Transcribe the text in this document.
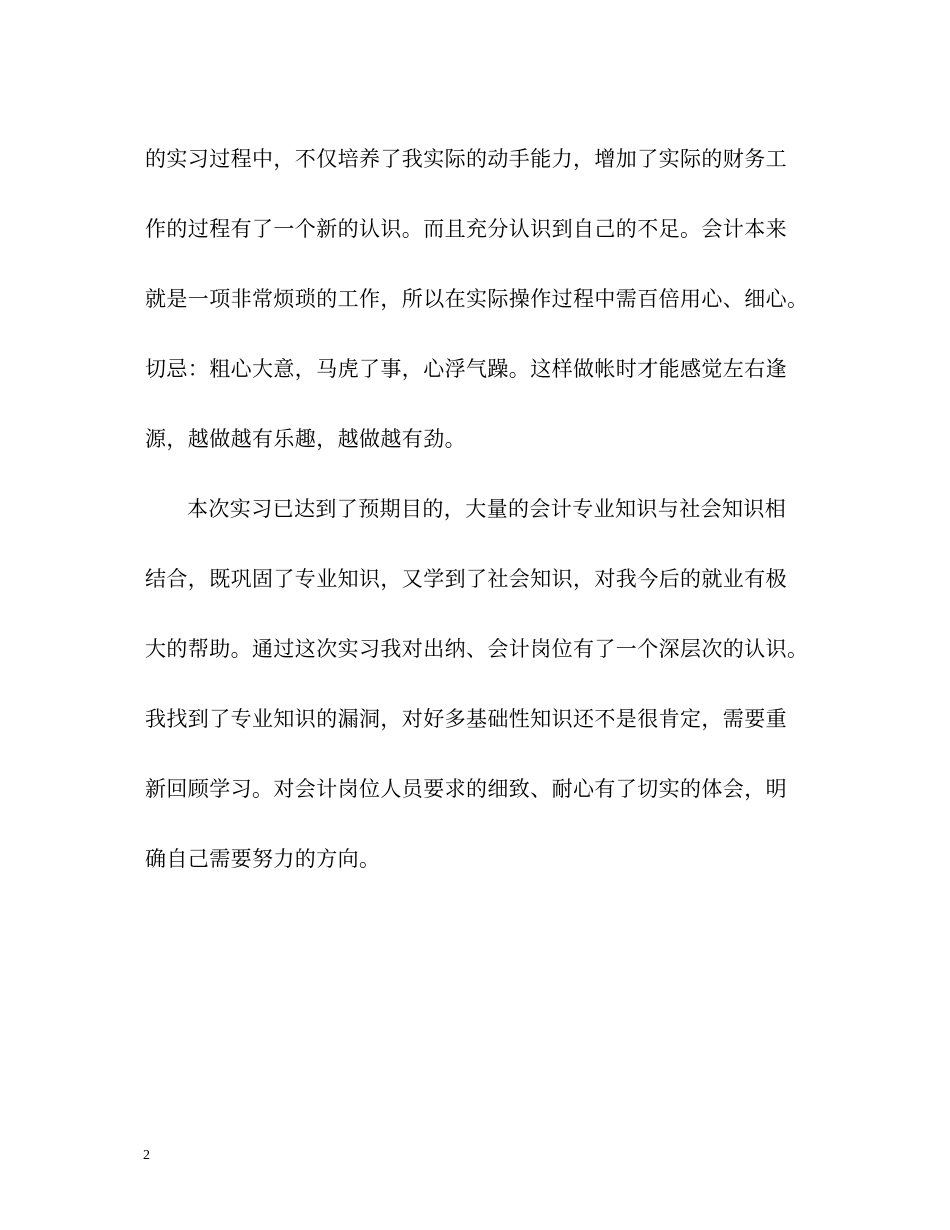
的实习过程中，不仅培养了我实际的动手能力，增加了实际的财务工
作的过程有了一个新的认识。而且充分认识到自己的不足。会计本来
就是一项非常烦琐的工作，所以在实际操作过程中需百倍用心、细心。
切忌：粗心大意，马虎了事，心浮气躁。这样做帐时才能感觉左右逢
源，越做越有乐趣，越做越有劲。
本次实习已达到了预期目的，大量的会计专业知识与社会知识相
结合，既巩固了专业知识，又学到了社会知识，对我今后的就业有极
大的帮助。通过这次实习我对出纳、会计岗位有了一个深层次的认识。
我找到了专业知识的漏洞，对好多基础性知识还不是很肯定，需要重
新回顾学习。对会计岗位人员要求的细致、耐心有了切实的体会，明
确自己需要努力的方向。
2
